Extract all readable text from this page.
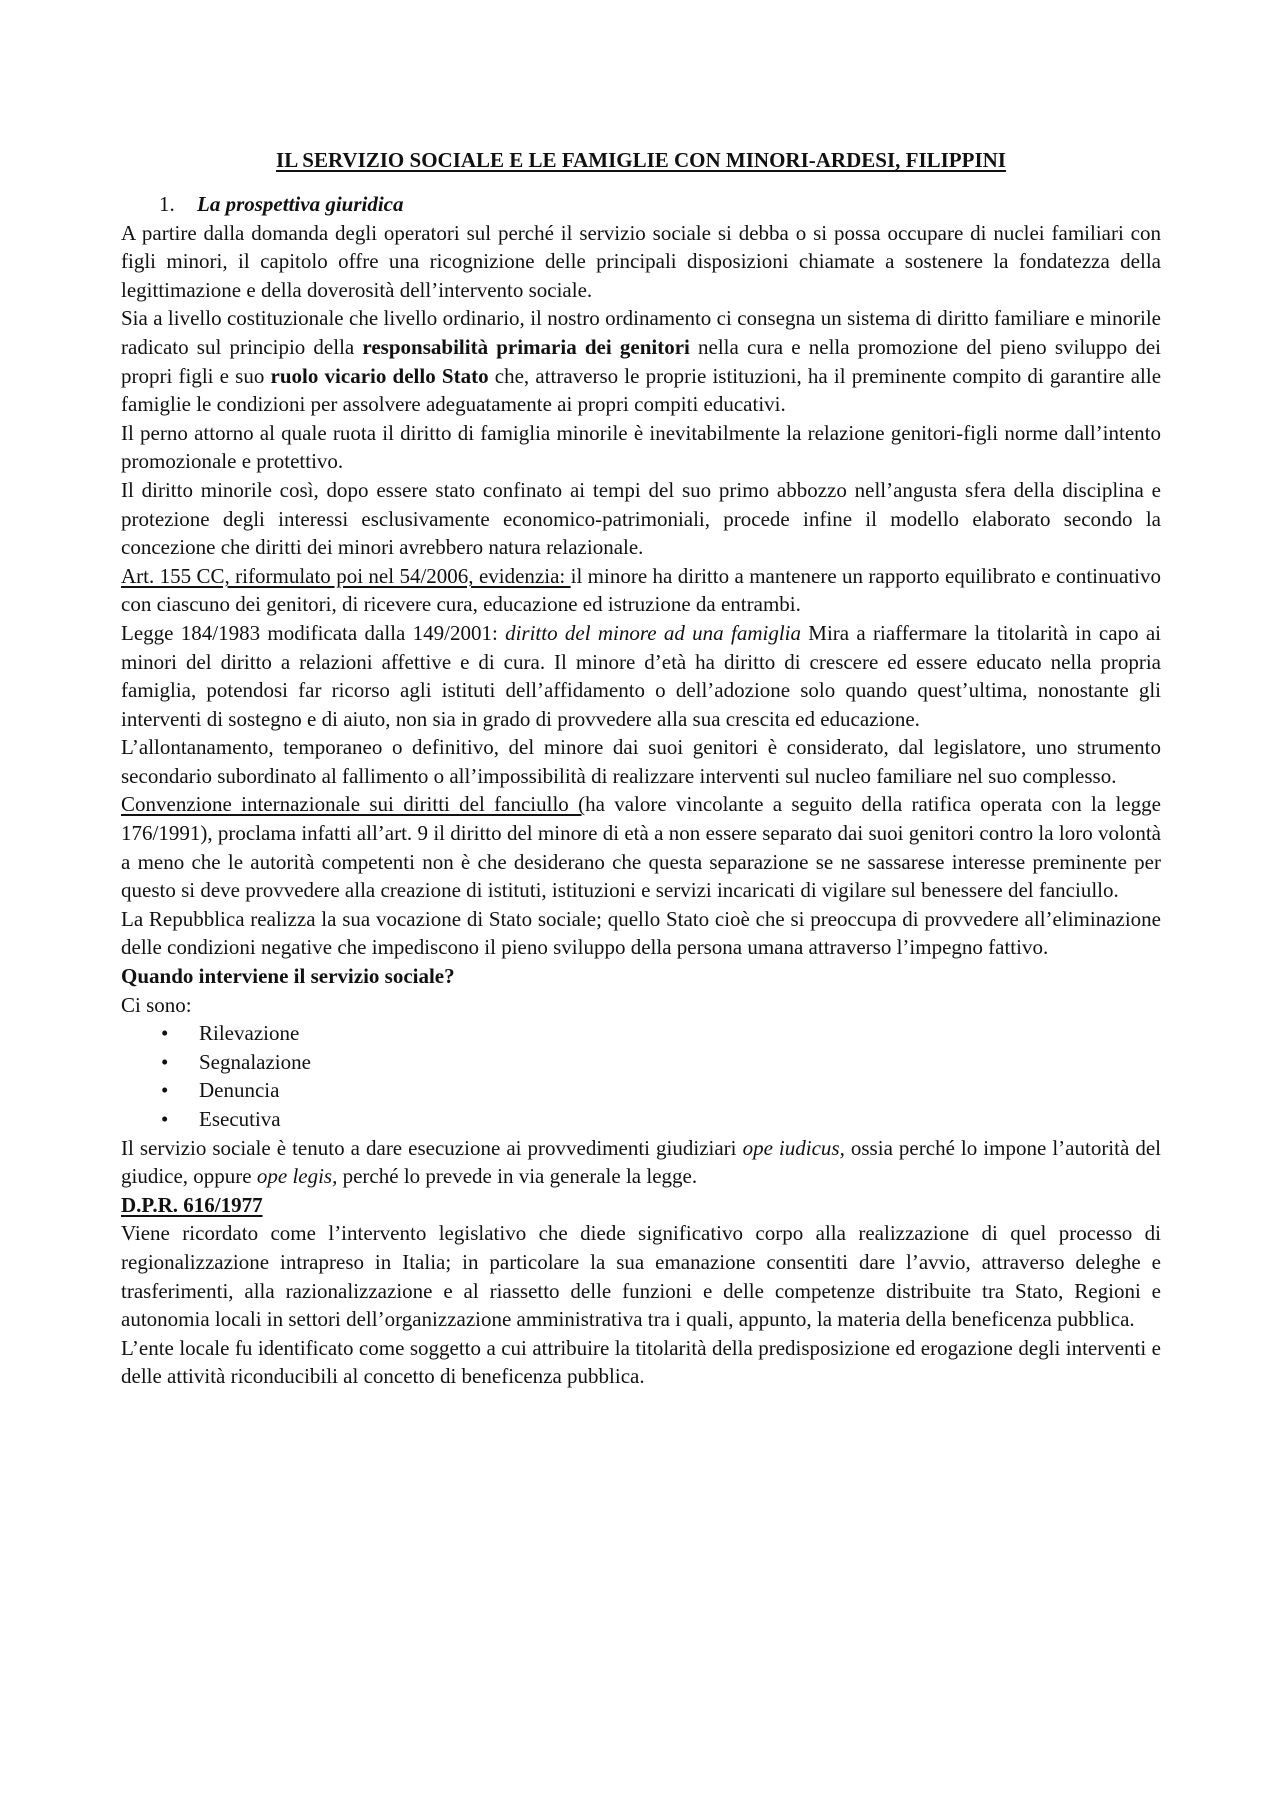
IL SERVIZIO SOCIALE E LE FAMIGLIE CON MINORI-ARDESI, FILIPPINI
1. La prospettiva giuridica

A partire dalla domanda degli operatori sul perché il servizio sociale si debba o si possa occupare di nuclei familiari con figli minori, il capitolo offre una ricognizione delle principali disposizioni chiamate a sostenere la fondatezza della legittimazione e della doverosità dell’intervento sociale.

Sia a livello costituzionale che livello ordinario, il nostro ordinamento ci consegna un sistema di diritto familiare e minorile radicato sul principio della responsabilità primaria dei genitori nella cura e nella promozione del pieno sviluppo dei propri figli e suo ruolo vicario dello Stato che, attraverso le proprie istituzioni, ha il preminente compito di garantire alle famiglie le condizioni per assolvere adeguatamente ai propri compiti educativi.

Il perno attorno al quale ruota il diritto di famiglia minorile è inevitabilmente la relazione genitori-figli norme dall’intento promozionale e protettivo.

Il diritto minorile così, dopo essere stato confinato ai tempi del suo primo abbozzo nell’angusta sfera della disciplina e protezione degli interessi esclusivamente economico-patrimoniali, procede infine il modello elaborato secondo la concezione che diritti dei minori avrebbero natura relazionale.

Art. 155 CC, riformulato poi nel 54/2006, evidenzia: il minore ha diritto a mantenere un rapporto equilibrato e continuativo con ciascuno dei genitori, di ricevere cura, educazione ed istruzione da entrambi.

Legge 184/1983 modificata dalla 149/2001: diritto del minore ad una famiglia Mira a riaffermare la titolarità in capo ai minori del diritto a relazioni affettive e di cura. Il minore d’età ha diritto di crescere ed essere educato nella propria famiglia, potendosi far ricorso agli istituti dell’affidamento o dell’adozione solo quando quest’ultima, nonostante gli interventi di sostegno e di aiuto, non sia in grado di provvedere alla sua crescita ed educazione.

L’allontanamento, temporaneo o definitivo, del minore dai suoi genitori è considerato, dal legislatore, uno strumento secondario subordinato al fallimento o all’impossibilità di realizzare interventi sul nucleo familiare nel suo complesso.

Convenzione internazionale sui diritti del fanciullo (ha valore vincolante a seguito della ratifica operata con la legge 176/1991), proclama infatti all’art. 9 il diritto del minore di età a non essere separato dai suoi genitori contro la loro volontà a meno che le autorità competenti non è che desiderano che questa separazione se ne sassarese interesse preminente per questo si deve provvedere alla creazione di istituti, istituzioni e servizi incaricati di vigilare sul benessere del fanciullo.

La Repubblica realizza la sua vocazione di Stato sociale; quello Stato cioè che si preoccupa di provvedere all’eliminazione delle condizioni negative che impediscono il pieno sviluppo della persona umana attraverso l’impegno fattivo.

Quando interviene il servizio sociale?
Ci sono:
• Rilevazione
• Segnalazione
• Denuncia
• Esecutiva

Il servizio sociale è tenuto a dare esecuzione ai provvedimenti giudiziari ope iudicus, ossia perché lo impone l’autorità del giudice, oppure ope legis, perché lo prevede in via generale la legge.

D.P.R. 616/1977

Viene ricordato come l’intervento legislativo che diede significativo corpo alla realizzazione di quel processo di regionalizzazione intrapreso in Italia; in particolare la sua emanazione consentiti dare l’avvio, attraverso deleghe e trasferimenti, alla razionalizzazione e al riassetto delle funzioni e delle competenze distribuite tra Stato, Regioni e autonomia locali in settori dell’organizzazione amministrativa tra i quali, appunto, la materia della beneficenza pubblica.

L’ente locale fu identificato come soggetto a cui attribuire la titolarità della predisposizione ed erogazione degli interventi e delle attività riconducibili al concetto di beneficenza pubblica.
